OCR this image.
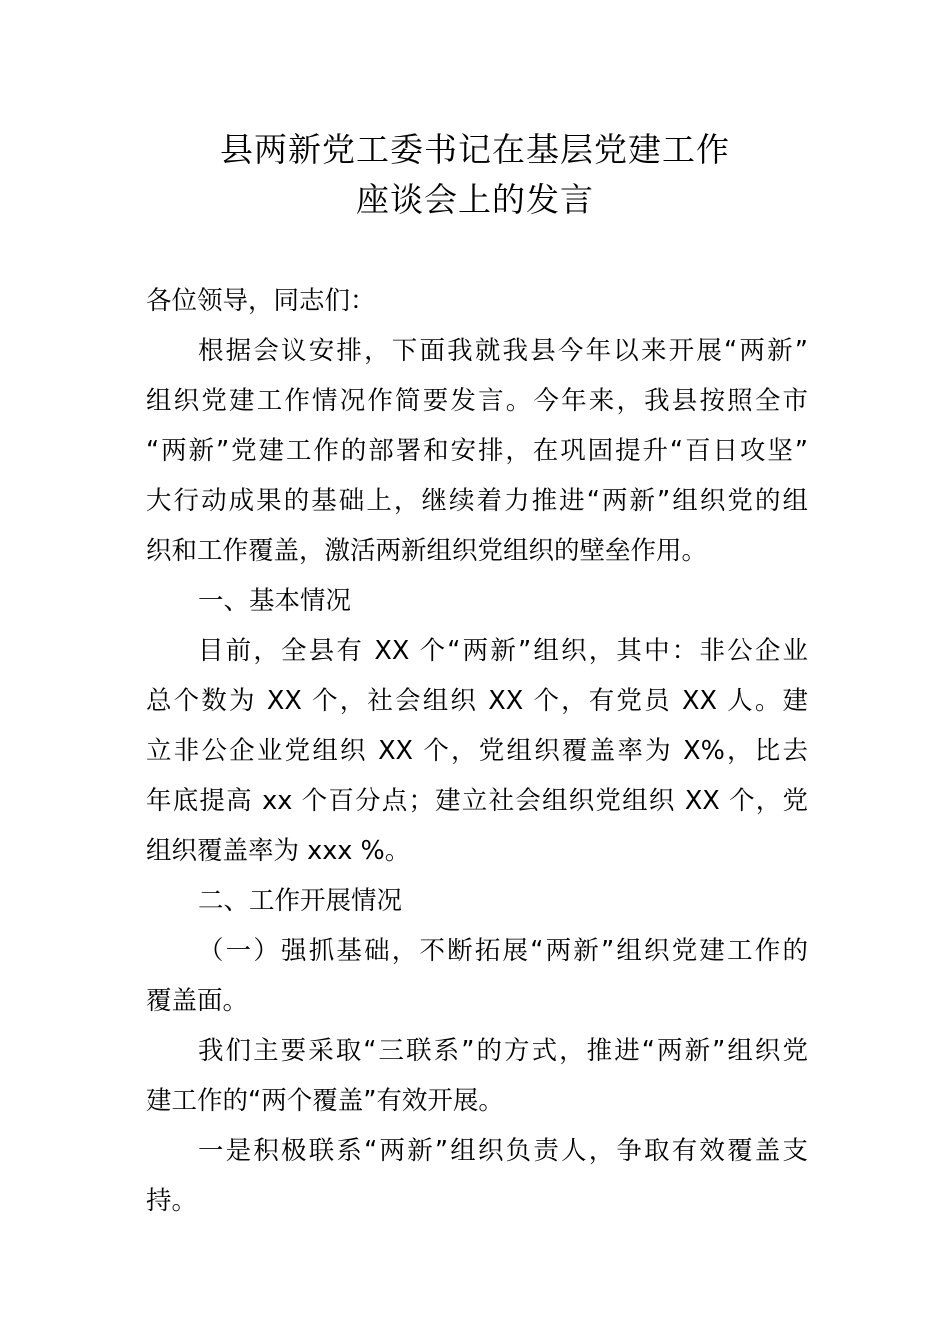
县两新党工委书记在基层党建工作
座谈会上的发言
各位领导，同志们：
根据会议安排，下面我就我县今年以来开展“两新”
组织党建工作情况作简要发言。今年来，我县按照全市
“两新”党建工作的部署和安排，在巩固提升“百日攻坚”
大行动成果的基础上，继续着力推进“两新”组织党的组
织和工作覆盖，激活两新组织党组织的壁垒作用。
一、基本情况
目前，全县有 XX 个“两新”组织，其中：非公企业
总个数为 XX 个，社会组织 XX 个，有党员 XX 人。建
立非公企业党组织 XX 个，党组织覆盖率为 X%，比去
年底提高 xx 个百分点；建立社会组织党组织 XX 个，党
组织覆盖率为 xxx %。
二、工作开展情况
（一）强抓基础，不断拓展“两新”组织党建工作的
覆盖面。
我们主要采取“三联系”的方式，推进“两新”组织党
建工作的“两个覆盖”有效开展。
一是积极联系“两新”组织负责人，争取有效覆盖支
持。
